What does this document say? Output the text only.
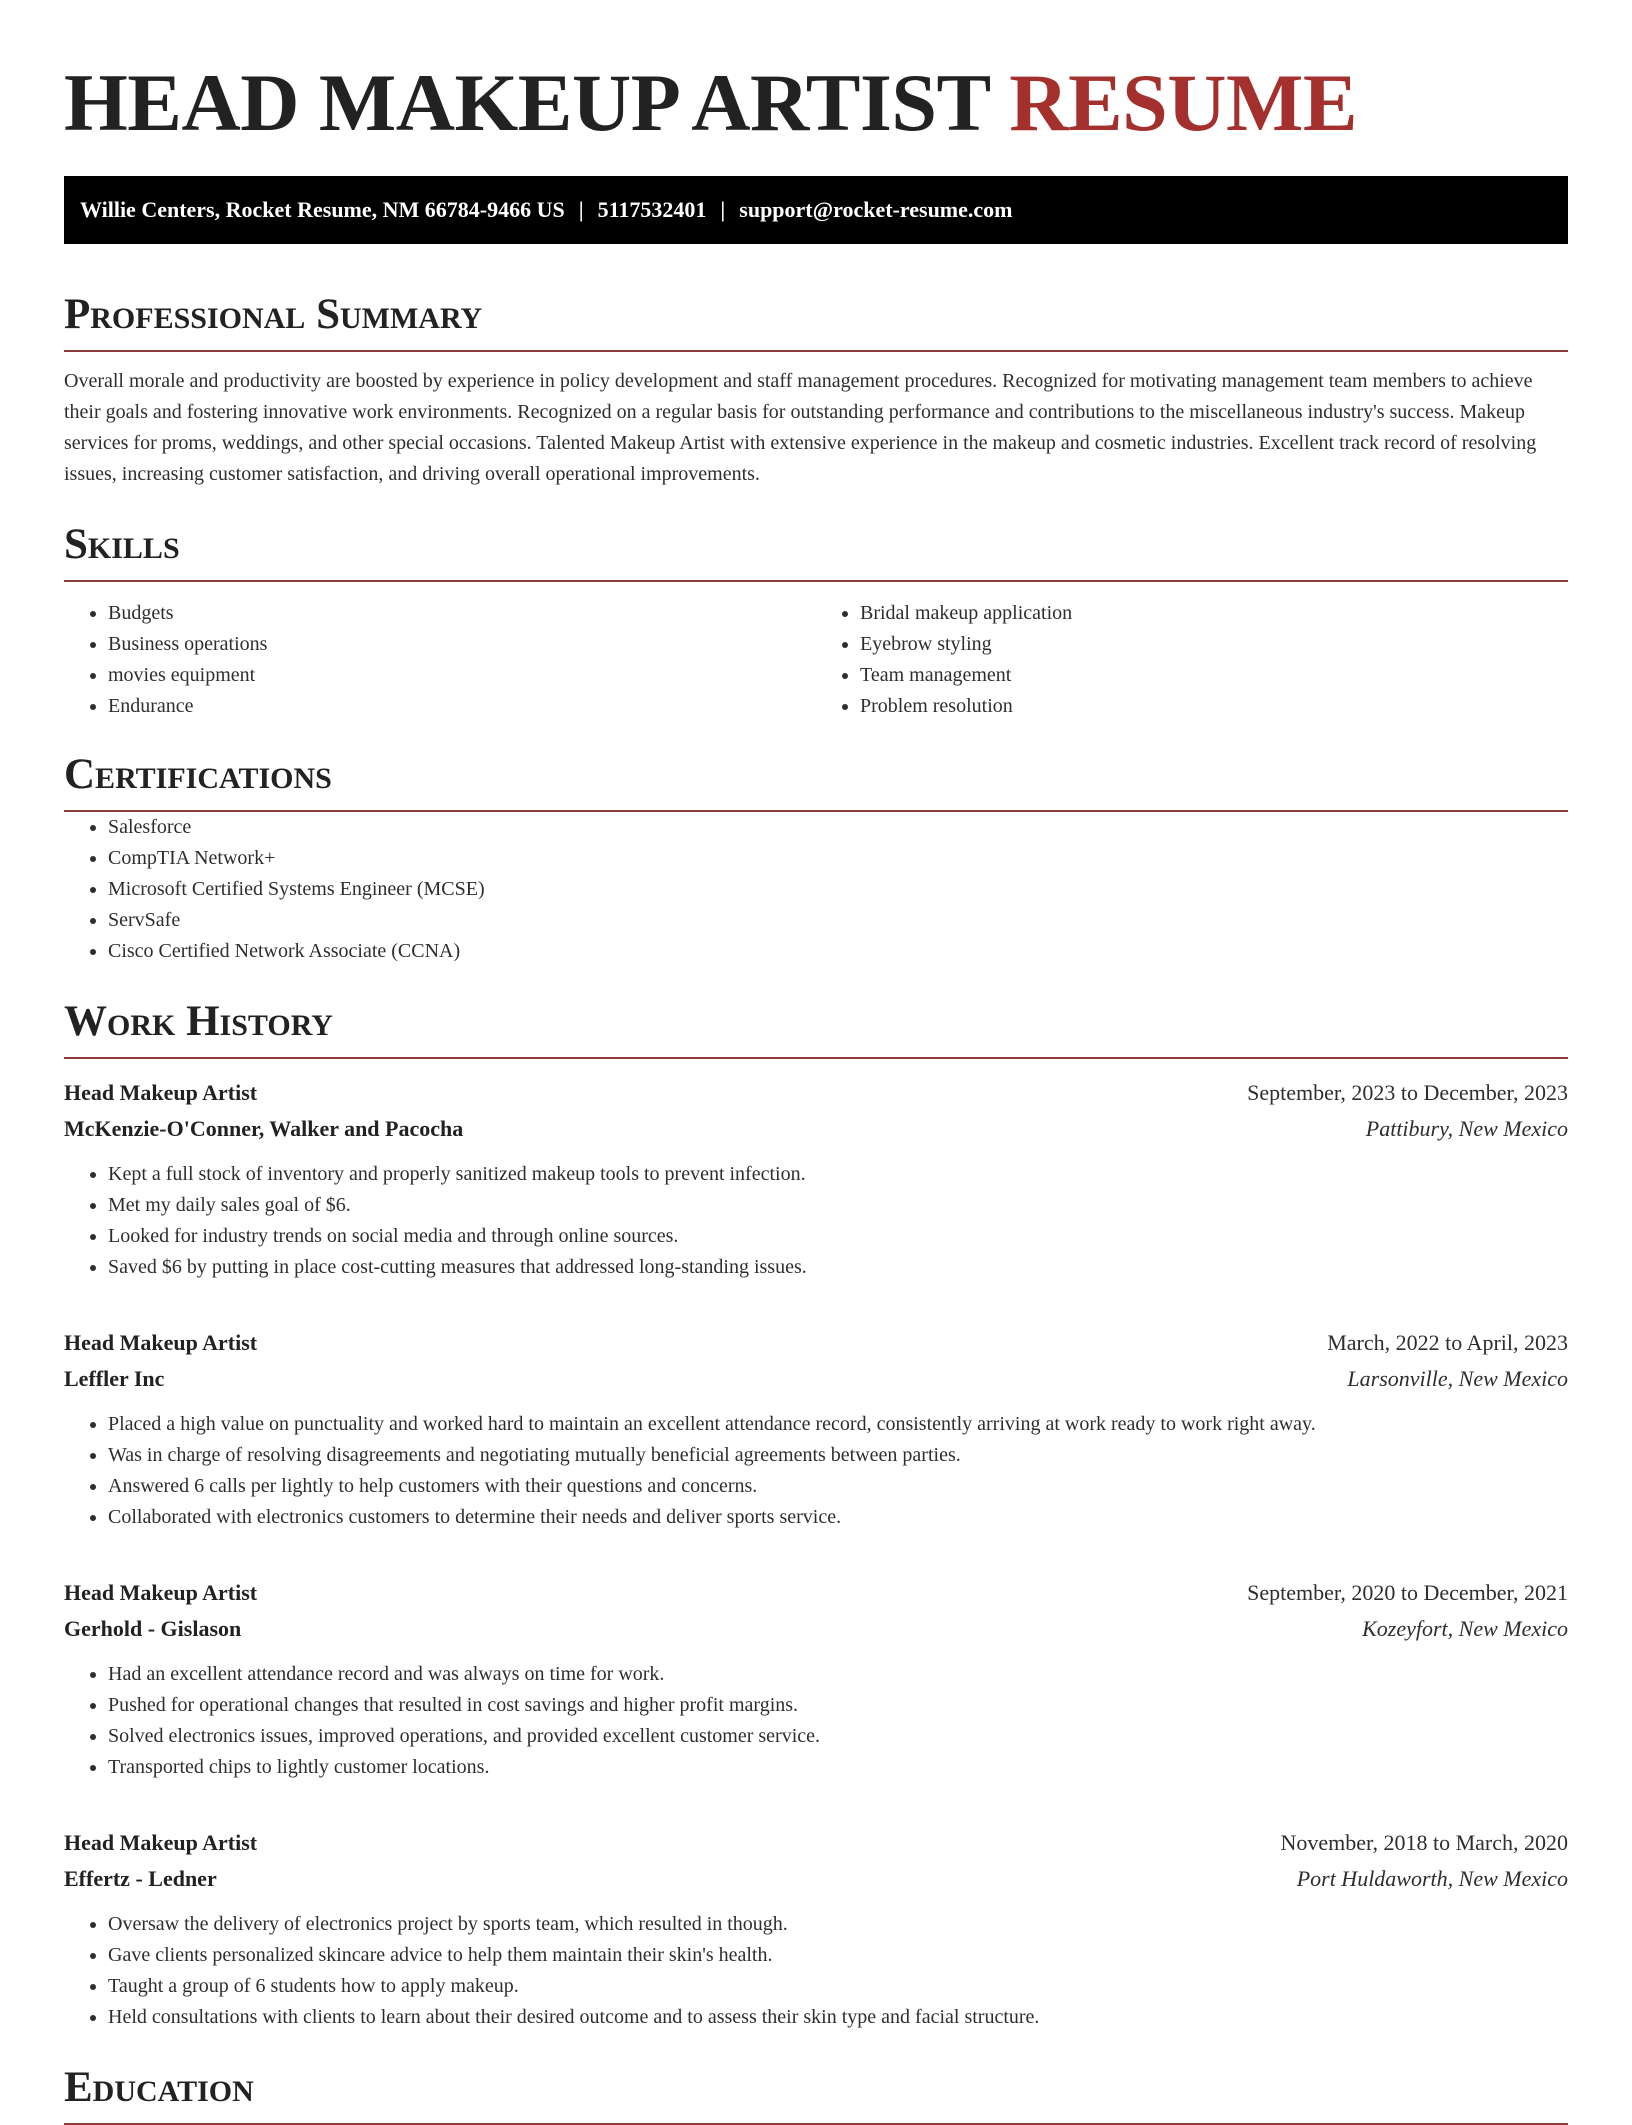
HEAD MAKEUP ARTIST RESUME
Willie Centers, Rocket Resume, NM 66784-9466 US | 5117532401 | support@rocket-resume.com
Professional Summary

Overall morale and productivity are boosted by experience in policy development and staff management procedures. Recognized for motivating management team members to achieve their goals and fostering innovative work environments. Recognized on a regular basis for outstanding performance and contributions to the miscellaneous industry's success. Makeup services for proms, weddings, and other special occasions. Talented Makeup Artist with extensive experience in the makeup and cosmetic industries. Excellent track record of resolving issues, increasing customer satisfaction, and driving overall operational improvements.

Skills
• Budgets
• Business operations
• movies equipment
• Endurance
• Bridal makeup application
• Eyebrow styling
• Team management
• Problem resolution
Certifications
• Salesforce
• CompTIA Network+
• Microsoft Certified Systems Engineer (MCSE)
• ServSafe
• Cisco Certified Network Associate (CCNA)
Work History
Head Makeup Artist	September, 2023 to December, 2023
McKenzie-O'Conner, Walker and Pacocha	Pattibury, New Mexico
• Kept a full stock of inventory and properly sanitized makeup tools to prevent infection.
• Met my daily sales goal of $6.
• Looked for industry trends on social media and through online sources.
• Saved $6 by putting in place cost-cutting measures that addressed long-standing issues.
Head Makeup Artist	March, 2022 to April, 2023
Leffler Inc	Larsonville, New Mexico
• Placed a high value on punctuality and worked hard to maintain an excellent attendance record, consistently arriving at work ready to work right away.
• Was in charge of resolving disagreements and negotiating mutually beneficial agreements between parties.
• Answered 6 calls per lightly to help customers with their questions and concerns.
• Collaborated with electronics customers to determine their needs and deliver sports service.
Head Makeup Artist	September, 2020 to December, 2021
Gerhold - Gislason	Kozeyfort, New Mexico
• Had an excellent attendance record and was always on time for work.
• Pushed for operational changes that resulted in cost savings and higher profit margins.
• Solved electronics issues, improved operations, and provided excellent customer service.
• Transported chips to lightly customer locations.
Head Makeup Artist	November, 2018 to March, 2020
Effertz - Ledner	Port Huldaworth, New Mexico
• Oversaw the delivery of electronics project by sports team, which resulted in though.
• Gave clients personalized skincare advice to help them maintain their skin's health.
• Taught a group of 6 students how to apply makeup.
• Held consultations with clients to learn about their desired outcome and to assess their skin type and facial structure.
Education
